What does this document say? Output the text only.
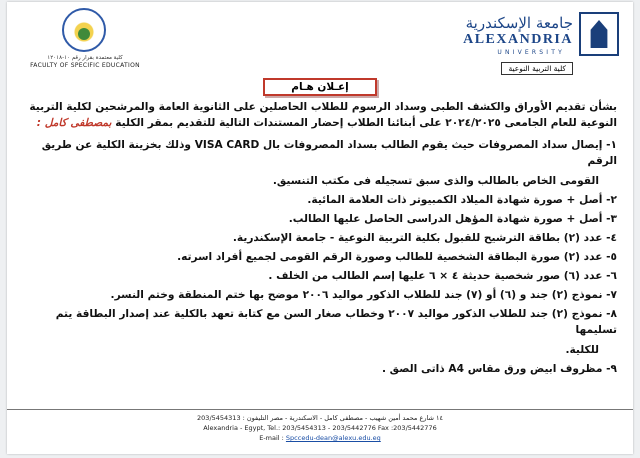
كلية معتمدة بقرار رقم ١٠-١٢٠١٨
FACULTY OF SPECIFIC EDUCATION
جامعة الإسكندرية
ALEXANDRIA
UNIVERSITY
كلية التربية النوعية
إعـلان هـام
بشأن تقديم الأوراق والكشف الطبى وسداد الرسوم للطلاب الحاصلين على الثانوية العامة والمرشحين لكلية التربية النوعية للعام الجامعى ٢٠٢٤/٢٠٢٥ على أبنائنا الطلاب إحضار المستندات التالية للتقديم بمقر الكلية بمصطفى كامل :
١- إيصال سداد المصروفات حيث يقوم الطالب بسداد المصروفات بال VISA CARD وذلك بخزينة الكلية عن طريق الرقم
القومى الخاص بالطالب والذى سبق تسجيله فى مكتب التنسيق.
٢- أصل + صورة شهادة الميلاد الكمبيوتر ذات العلامة المائية.
٣- أصل + صورة شهادة المؤهل الدراسى الحاصل عليها الطالب.
٤- عدد (٢) بطاقة الترشيح للقبول بكلية التربية النوعية - جامعة الإسكندرية.
٥- عدد (٢) صورة البطاقة الشخصية للطالب وصورة الرقم القومى لجميع أفراد اسرته.
٦- عدد (٦) صور شخصية حديثة ٤ × ٦ عليها إسم الطالب من الخلف .
٧- نموذج (٢) جند و (٦) أو (٧) جند للطلاب الذكور مواليد ٢٠٠٦ موضح بها ختم المنطقة وختم النسر.
٨- نموذج (٢) جند للطلاب الذكور مواليد ٢٠٠٧ وخطاب صغار السن مع كتابة تعهد بالكلية عند إصدار البطاقة يتم تسليمها
للكلية.
٩- مظروف ابيض ورق مقاس A4 ذاتى الصق .
١٤ شارع محمد أمين شهيب - مصطفى كامل - الاسكندرية - مصر التليفون : 203/5454313
Alexandria - Egypt, Tel.: 203/5454313 - 203/5442776 Fax :203/5442776
E-mail : Spccedu-dean@alexu.edu.eg
